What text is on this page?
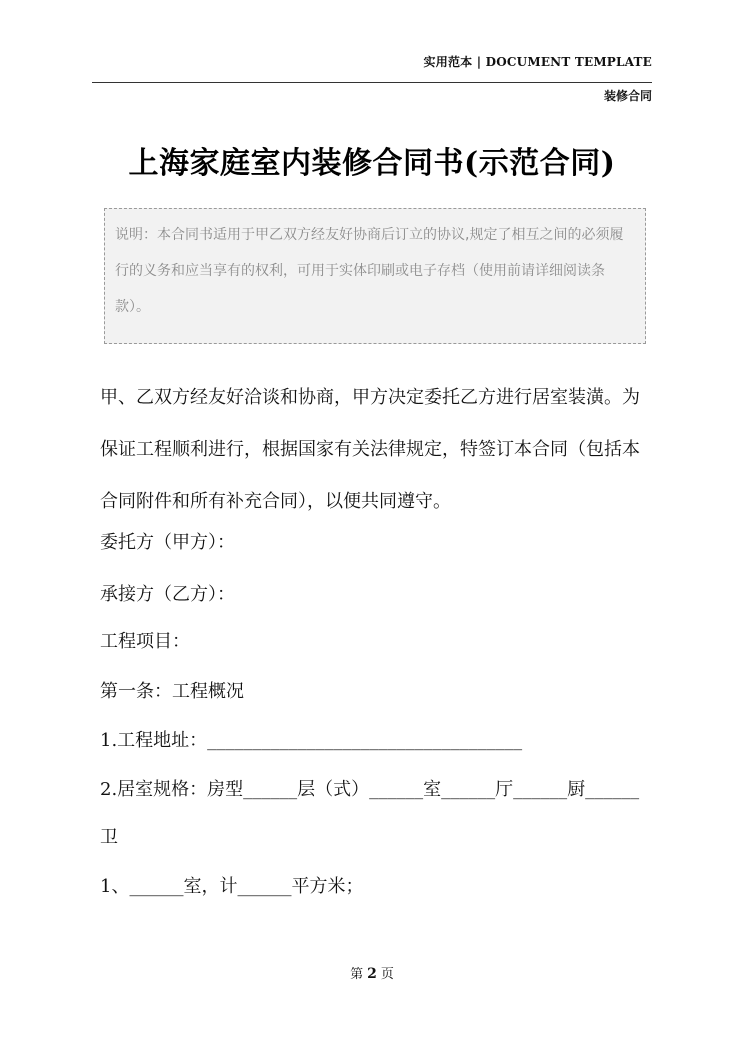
实用范本 | DOCUMENT TEMPLATE
装修合同
上海家庭室内装修合同书(示范合同)
说明：本合同书适用于甲乙双方经友好协商后订立的协议,规定了相互之间的必须履行的义务和应当享有的权利，可用于实体印刷或电子存档（使用前请详细阅读条款）。
甲、乙双方经友好洽谈和协商，甲方决定委托乙方进行居室装潢。为保证工程顺利进行，根据国家有关法律规定，特签订本合同（包括本合同附件和所有补充合同），以便共同遵守。
委托方（甲方）：
承接方（乙方）：
工程项目：
第一条：工程概况
1.工程地址：___________________________________
2.居室规格：房型______层（式）______室______厅______厨______
卫
1、______室，计______平方米；
第 2 页
